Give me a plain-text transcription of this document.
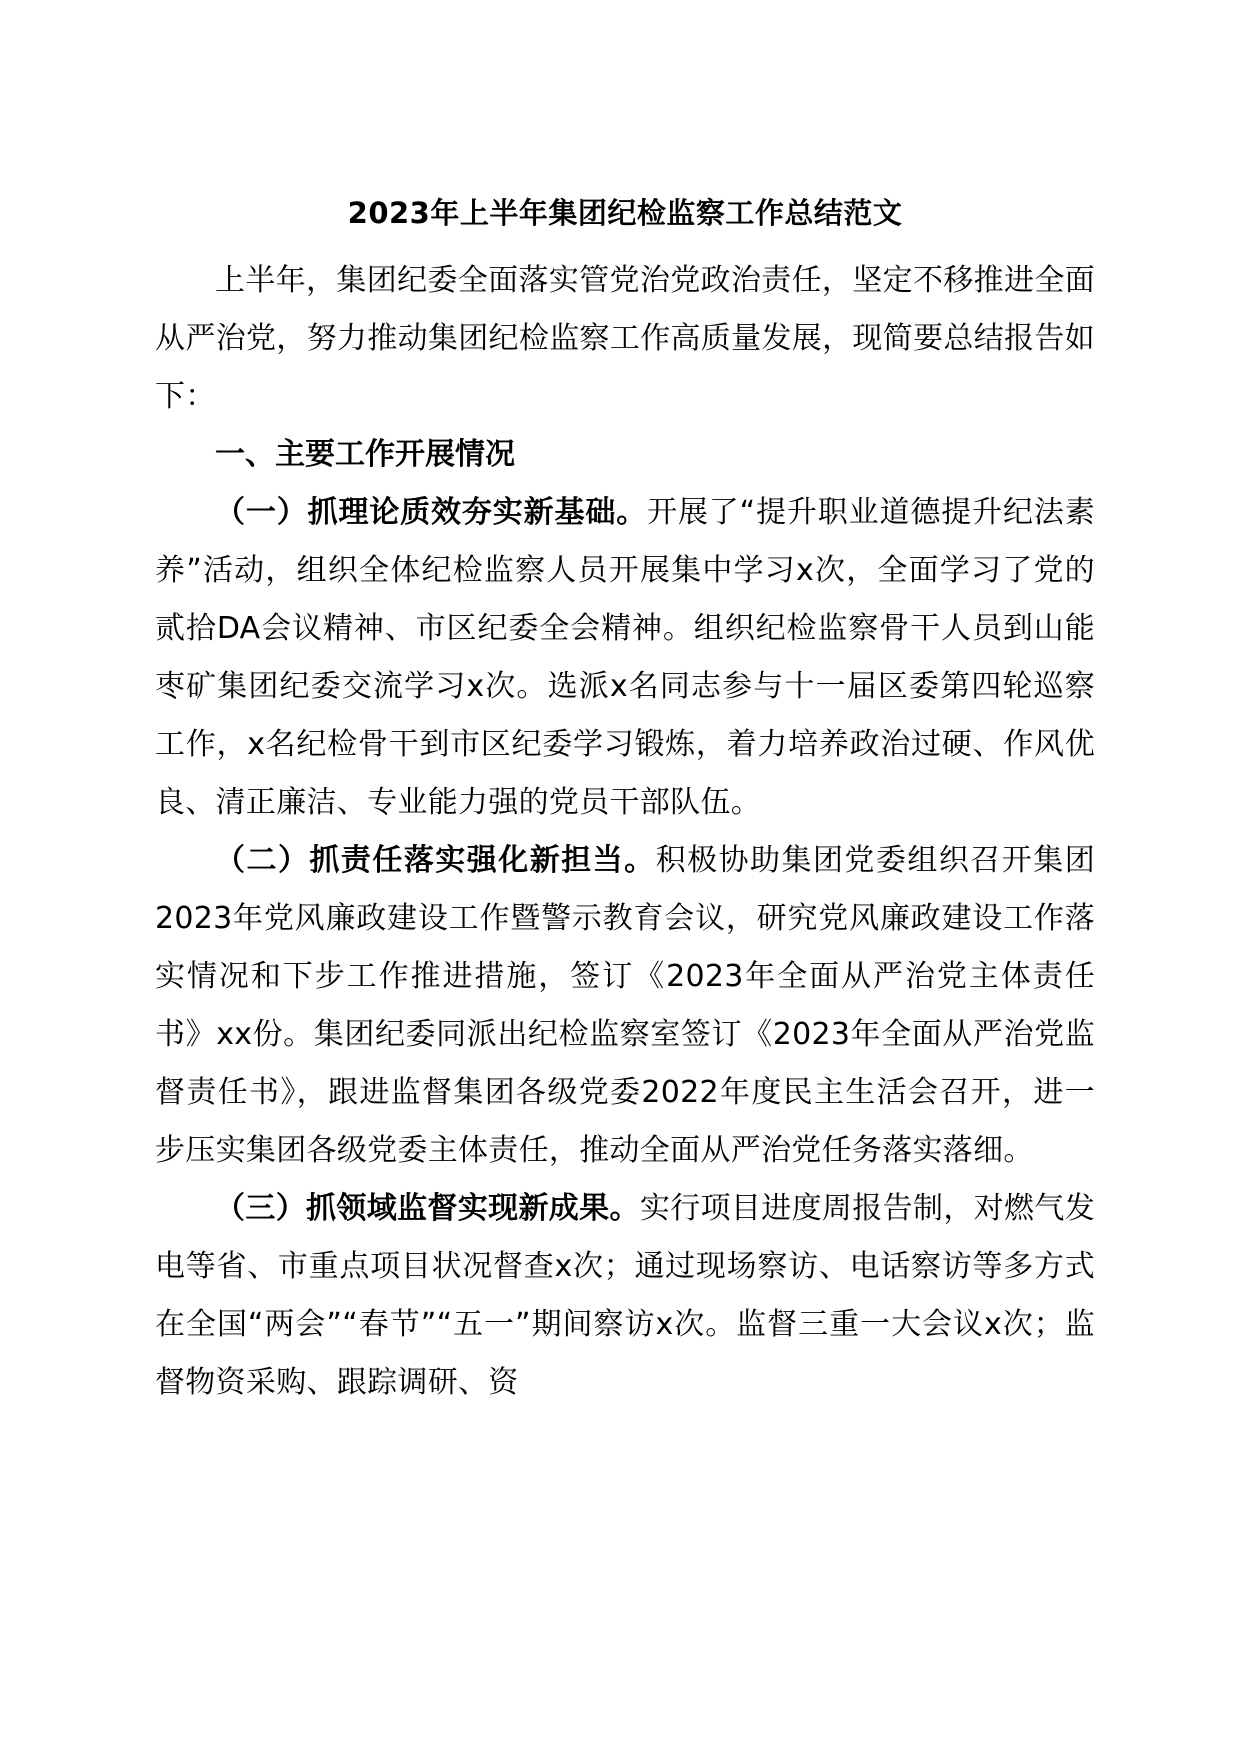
2023年上半年集团纪检监察工作总结范文

上半年，集团纪委全面落实管党治党政治责任，坚定不移推进全面从严治党，努力推动集团纪检监察工作高质量发展，现简要总结报告如下：

一、主要工作开展情况

（一）抓理论质效夯实新基础。开展了“提升职业道德提升纪法素养”活动，组织全体纪检监察人员开展集中学习x次，全面学习了党的贰拾DA会议精神、市区纪委全会精神。组织纪检监察骨干人员到山能枣矿集团纪委交流学习x次。选派x名同志参与十一届区委第四轮巡察工作，x名纪检骨干到市区纪委学习锻炼，着力培养政治过硬、作风优良、清正廉洁、专业能力强的党员干部队伍。

（二）抓责任落实强化新担当。积极协助集团党委组织召开集团2023年党风廉政建设工作暨警示教育会议，研究党风廉政建设工作落实情况和下步工作推进措施，签订《2023年全面从严治党主体责任书》xx份。集团纪委同派出纪检监察室签订《2023年全面从严治党监督责任书》，跟进监督集团各级党委2022年度民主生活会召开，进一步压实集团各级党委主体责任，推动全面从严治党任务落实落细。

（三）抓领域监督实现新成果。实行项目进度周报告制，对燃气发电等省、市重点项目状况督查x次；通过现场察访、电话察访等多方式在全国“两会”“春节”“五一”期间察访x次。监督三重一大会议x次；监督物资采购、跟踪调研、资
